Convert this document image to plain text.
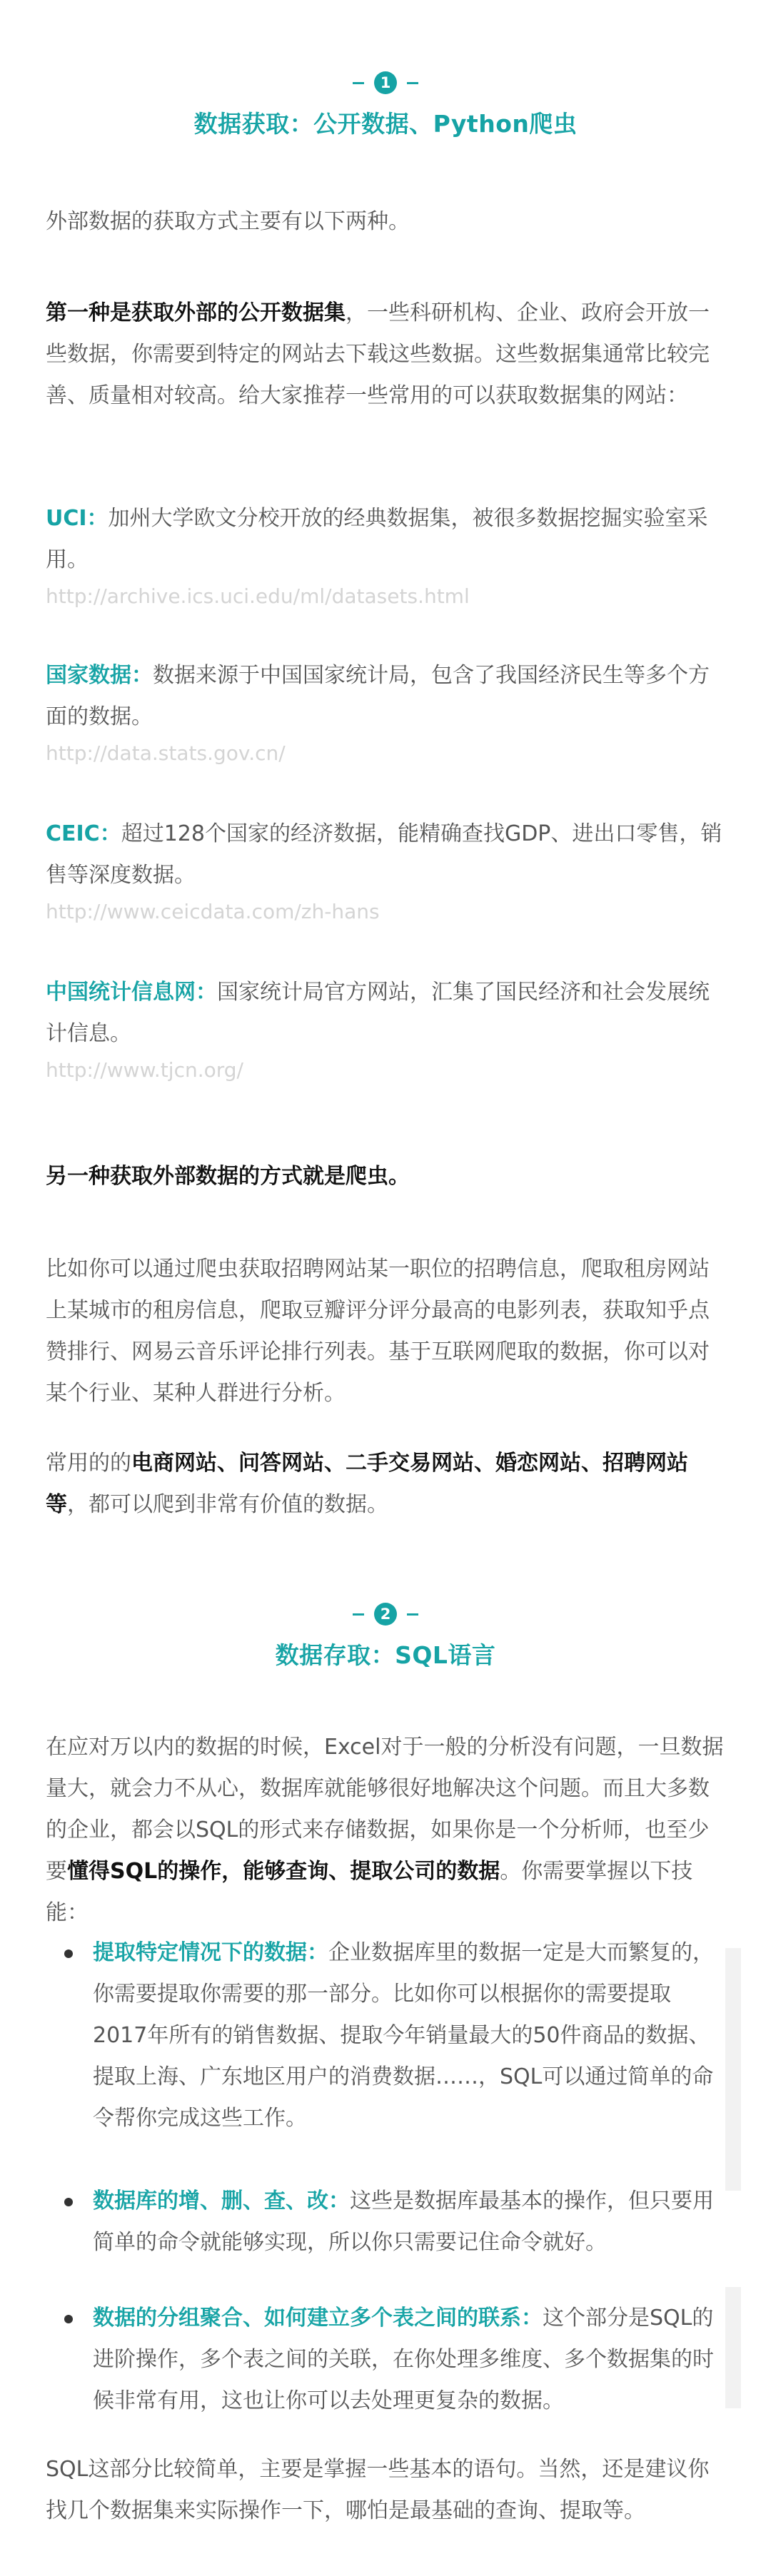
1
数据获取：公开数据、Python爬虫
外部数据的获取方式主要有以下两种。
第一种是获取外部的公开数据集，一些科研机构、企业、政府会开放一些数据，你需要到特定的网站去下载这些数据。这些数据集通常比较完善、质量相对较高。给大家推荐一些常用的可以获取数据集的网站：
UCI：加州大学欧文分校开放的经典数据集，被很多数据挖掘实验室采用。
http://archive.ics.uci.edu/ml/datasets.html
国家数据：数据来源于中国国家统计局，包含了我国经济民生等多个方面的数据。
http://data.stats.gov.cn/
CEIC：超过128个国家的经济数据，能精确查找GDP、进出口零售，销售等深度数据。
http://www.ceicdata.com/zh-hans
中国统计信息网：国家统计局官方网站，汇集了国民经济和社会发展统计信息。
http://www.tjcn.org/
另一种获取外部数据的方式就是爬虫。
比如你可以通过爬虫获取招聘网站某一职位的招聘信息，爬取租房网站上某城市的租房信息，爬取豆瓣评分评分最高的电影列表，获取知乎点赞排行、网易云音乐评论排行列表。基于互联网爬取的数据，你可以对某个行业、某种人群进行分析。
常用的的电商网站、问答网站、二手交易网站、婚恋网站、招聘网站等，都可以爬到非常有价值的数据。
2
数据存取：SQL语言
在应对万以内的数据的时候，Excel对于一般的分析没有问题，一旦数据量大，就会力不从心，数据库就能够很好地解决这个问题。而且大多数的企业，都会以SQL的形式来存储数据，如果你是一个分析师，也至少要懂得SQL的操作，能够查询、提取公司的数据。你需要掌握以下技能：
提取特定情况下的数据：企业数据库里的数据一定是大而繁复的，你需要提取你需要的那一部分。比如你可以根据你的需要提取2017年所有的销售数据、提取今年销量最大的50件商品的数据、提取上海、广东地区用户的消费数据……，SQL可以通过简单的命令帮你完成这些工作。
数据库的增、删、查、改：这些是数据库最基本的操作，但只要用简单的命令就能够实现，所以你只需要记住命令就好。
数据的分组聚合、如何建立多个表之间的联系：这个部分是SQL的进阶操作，多个表之间的关联，在你处理多维度、多个数据集的时候非常有用，这也让你可以去处理更复杂的数据。
SQL这部分比较简单，主要是掌握一些基本的语句。当然，还是建议你找几个数据集来实际操作一下，哪怕是最基础的查询、提取等。
